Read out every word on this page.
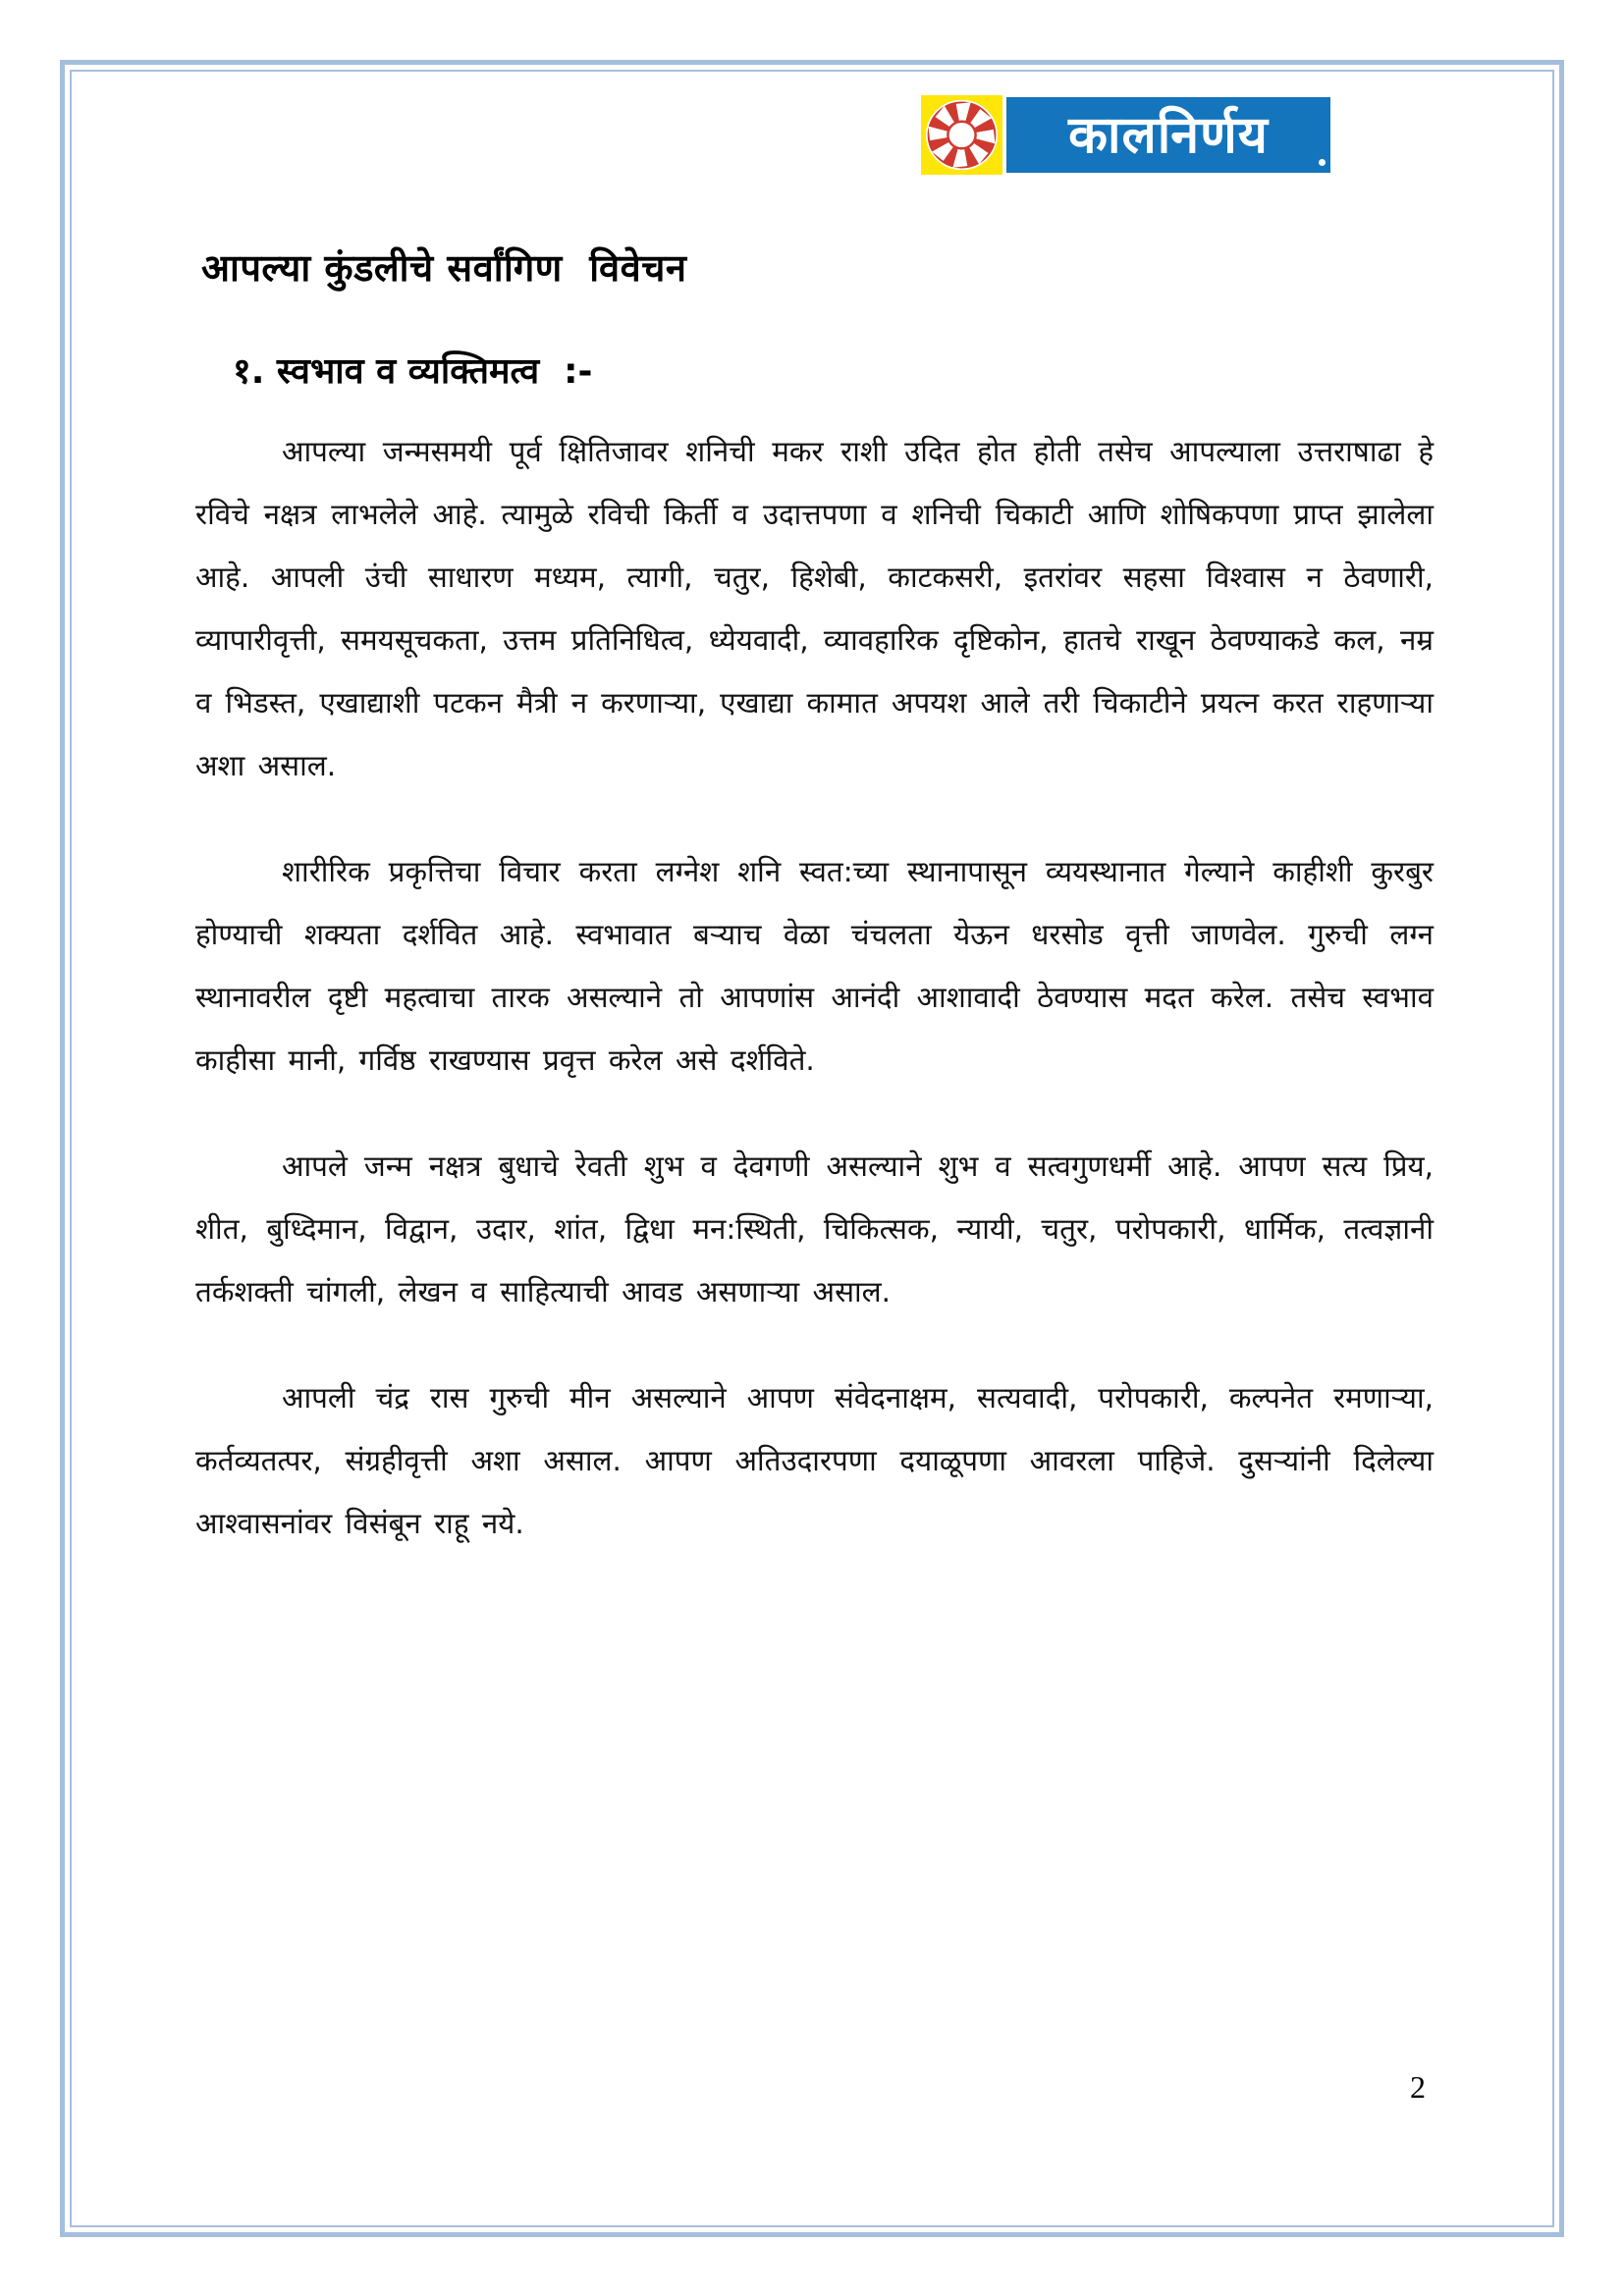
कालनिर्णय
आपल्या कुंडलीचे सर्वांगिण  विवेचन
१. स्वभाव व व्यक्तिमत्व  :-

आपल्या जन्मसमयी पूर्व क्षितिजावर शनिची मकर राशी उदित होत होती तसेच आपल्याला उत्तराषाढा हे रविचे नक्षत्र लाभलेले आहे. त्यामुळे रविची किर्ती व उदात्तपणा व शनिची चिकाटी आणि शोषिकपणा प्राप्त झालेला आहे. आपली उंची साधारण मध्यम, त्यागी, चतुर, हिशेबी, काटकसरी, इतरांवर सहसा विश्वास न ठेवणारी, व्यापारीवृत्ती, समयसूचकता, उत्तम प्रतिनिधित्व, ध्येयवादी, व्यावहारिक दृष्टिकोन, हातचे राखून ठेवण्याकडे कल, नम्र व भिडस्त, एखाद्याशी पटकन मैत्री न करणाऱ्या, एखाद्या कामात अपयश आले तरी चिकाटीने प्रयत्न करत राहणाऱ्या अशा असाल.

शारीरिक प्रकृत्तिचा विचार करता लग्नेश शनि स्वत:च्या स्थानापासून व्ययस्थानात गेल्याने काहीशी कुरबुर होण्याची शक्यता दर्शवित आहे. स्वभावात बऱ्याच वेळा चंचलता येऊन धरसोड वृत्ती जाणवेल. गुरुची लग्न स्थानावरील दृष्टी महत्वाचा तारक असल्याने तो आपणांस आनंदी आशावादी ठेवण्यास मदत करेल. तसेच स्वभाव काहीसा मानी, गर्विष्ठ राखण्यास प्रवृत्त करेल असे दर्शविते.

आपले जन्म नक्षत्र बुधाचे रेवती शुभ व देवगणी असल्याने शुभ व सत्वगुणधर्मी आहे. आपण सत्य प्रिय, शीत, बुध्दिमान, विद्वान, उदार, शांत, द्विधा मन:स्थिती, चिकित्सक, न्यायी, चतुर, परोपकारी, धार्मिक, तत्वज्ञानी तर्कशक्ती चांगली, लेखन व साहित्याची आवड असणाऱ्या असाल.

आपली चंद्र रास गुरुची मीन असल्याने आपण संवेदनाक्षम, सत्यवादी, परोपकारी, कल्पनेत रमणाऱ्या, कर्तव्यतत्पर, संग्रहीवृत्ती अशा असाल. आपण अतिउदारपणा दयाळूपणा आवरला पाहिजे. दुसऱ्यांनी दिलेल्या आश्वासनांवर विसंबून राहू नये.

2
